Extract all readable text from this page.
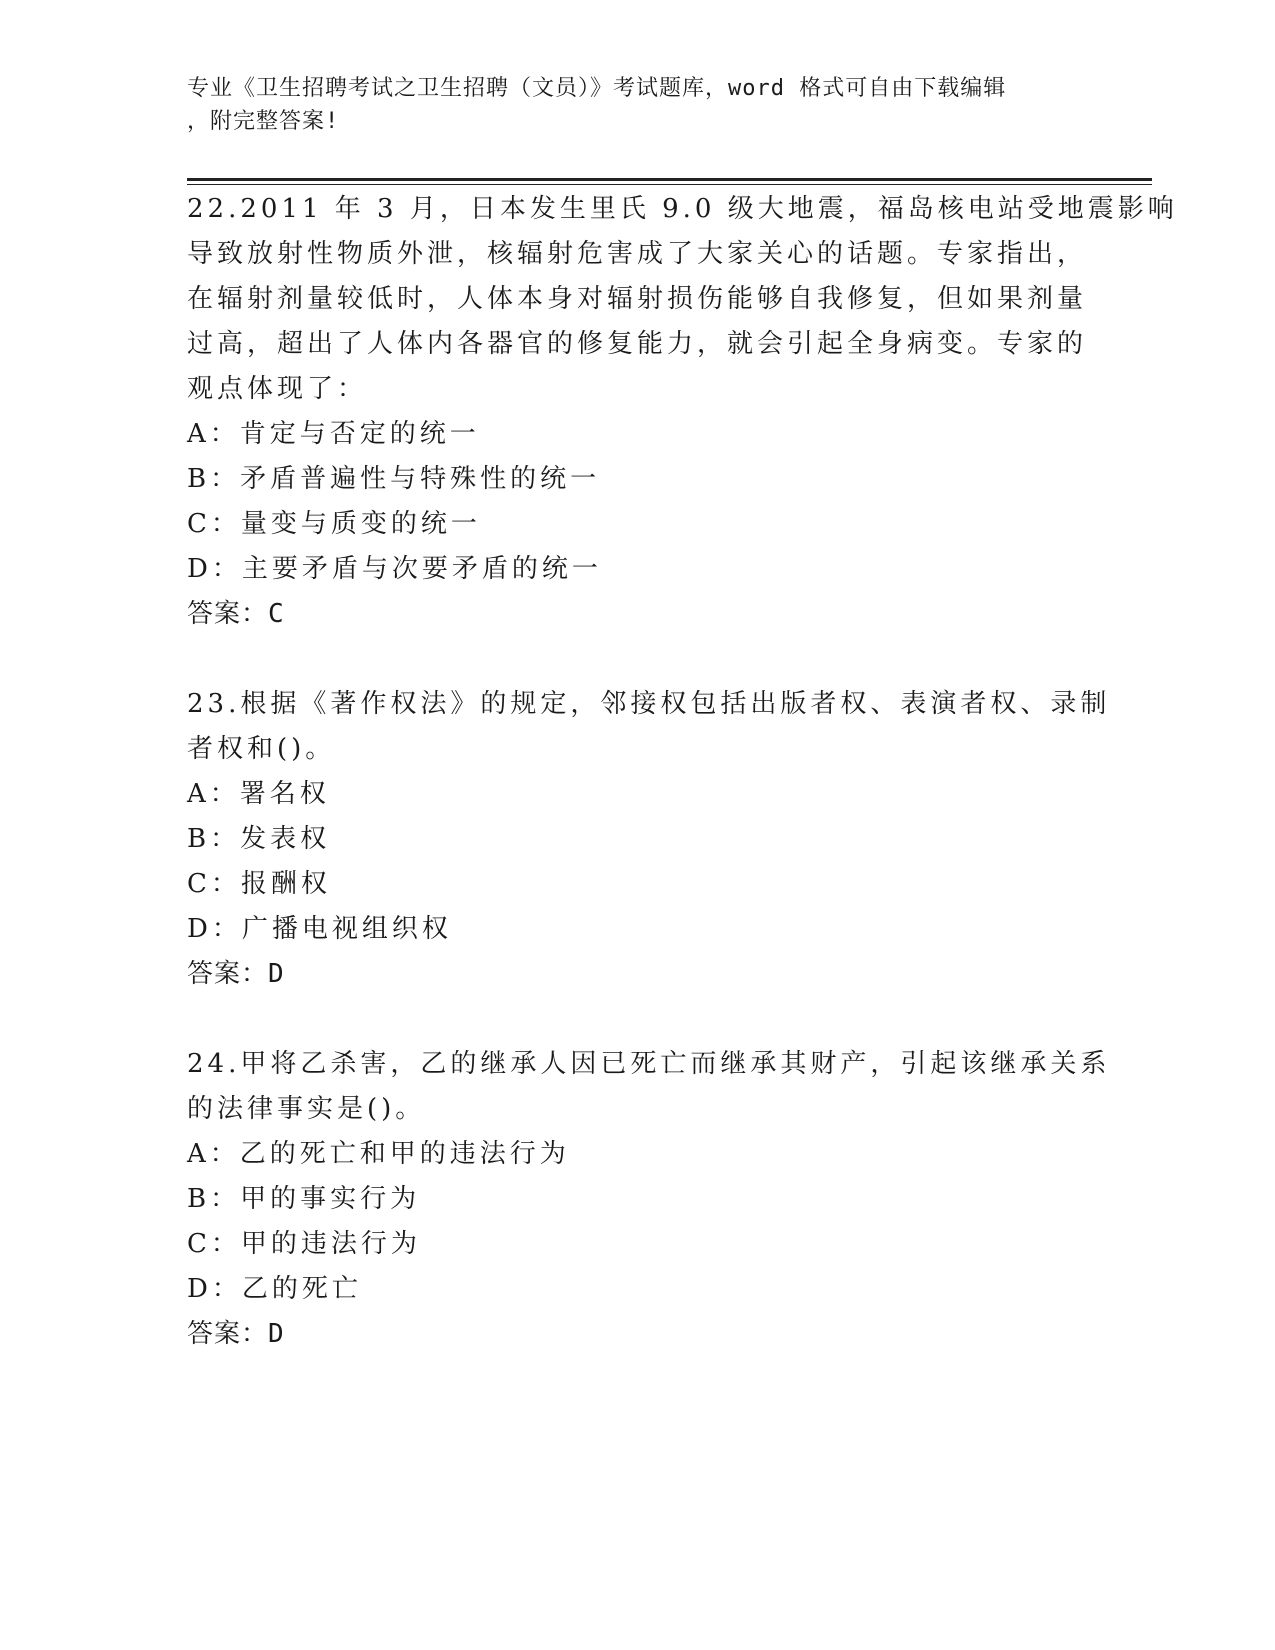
专业《卫生招聘考试之卫生招聘（文员）》考试题库，word 格式可自由下载编辑
，附完整答案!
22.2011 年 3 月，日本发生里氏 9.0 级大地震，福岛核电站受地震影响
导致放射性物质外泄，核辐射危害成了大家关心的话题。专家指出，
在辐射剂量较低时，人体本身对辐射损伤能够自我修复，但如果剂量
过高，超出了人体内各器官的修复能力，就会引起全身病变。专家的
观点体现了：
A：肯定与否定的统一
B：矛盾普遍性与特殊性的统一
C：量变与质变的统一
D：主要矛盾与次要矛盾的统一
答案：C
23.根据《著作权法》的规定，邻接权包括出版者权、表演者权、录制
者权和()。
A：署名权
B：发表权
C：报酬权
D：广播电视组织权
答案：D
24.甲将乙杀害，乙的继承人因已死亡而继承其财产，引起该继承关系
的法律事实是()。
A：乙的死亡和甲的违法行为
B：甲的事实行为
C：甲的违法行为
D：乙的死亡
答案：D
